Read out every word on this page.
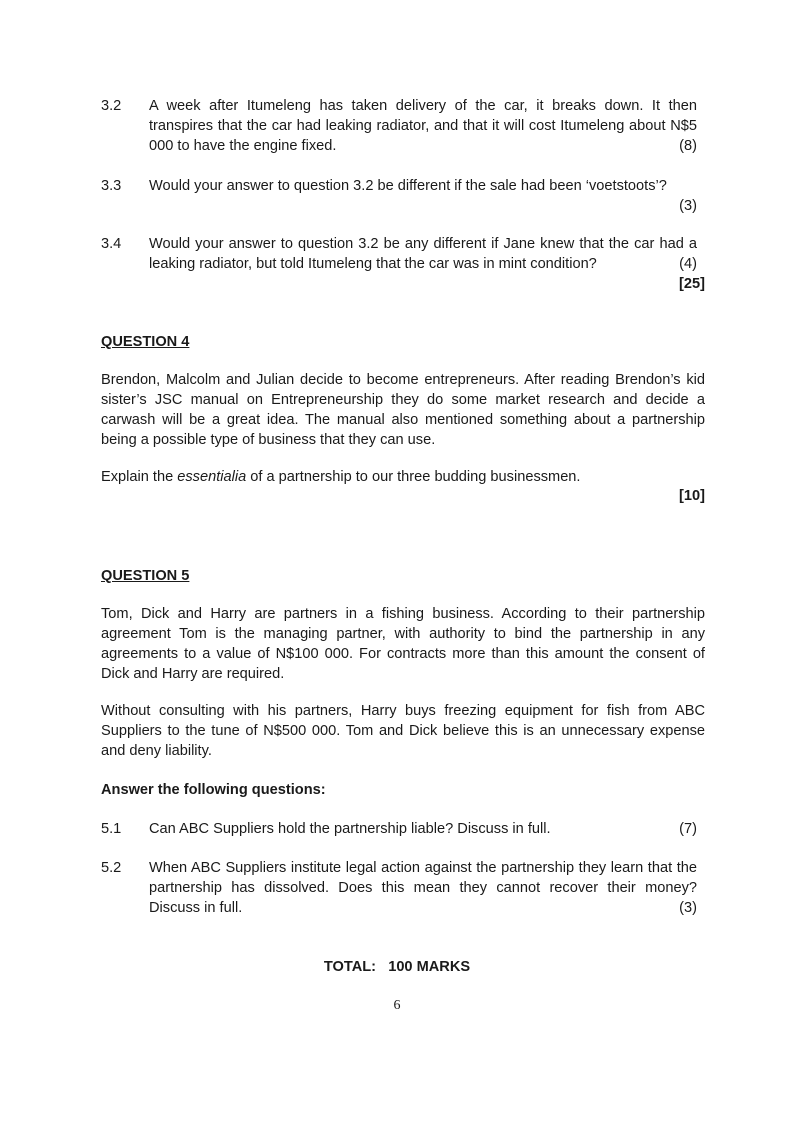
3.2	A week after Itumeleng has taken delivery of the car, it breaks down. It then transpires that the car had leaking radiator, and that it will cost Itumeleng about N$5 000 to have the engine fixed.	(8)
3.3	Would your answer to question 3.2 be different if the sale had been ‘voetstoots’?
(3)
3.4	Would your answer to question 3.2 be any different if Jane knew that the car had a leaking radiator, but told Itumeleng that the car was in mint condition?	(4)
[25]
QUESTION 4
Brendon, Malcolm and Julian decide to become entrepreneurs. After reading Brendon’s kid sister’s JSC manual on Entrepreneurship they do some market research and decide a carwash will be a great idea. The manual also mentioned something about a partnership being a possible type of business that they can use.
Explain the essentialia of a partnership to our three budding businessmen.
[10]
QUESTION 5
Tom, Dick and Harry are partners in a fishing business. According to their partnership agreement Tom is the managing partner, with authority to bind the partnership in any agreements to a value of N$100 000. For contracts more than this amount the consent of Dick and Harry are required.
Without consulting with his partners, Harry buys freezing equipment for fish from ABC Suppliers to the tune of N$500 000. Tom and Dick believe this is an unnecessary expense and deny liability.
Answer the following questions:
5.1	Can ABC Suppliers hold the partnership liable? Discuss in full.	(7)
5.2	When ABC Suppliers institute legal action against the partnership they learn that the partnership has dissolved. Does this mean they cannot recover their money? Discuss in full.	(3)
TOTAL: 100 MARKS
6
